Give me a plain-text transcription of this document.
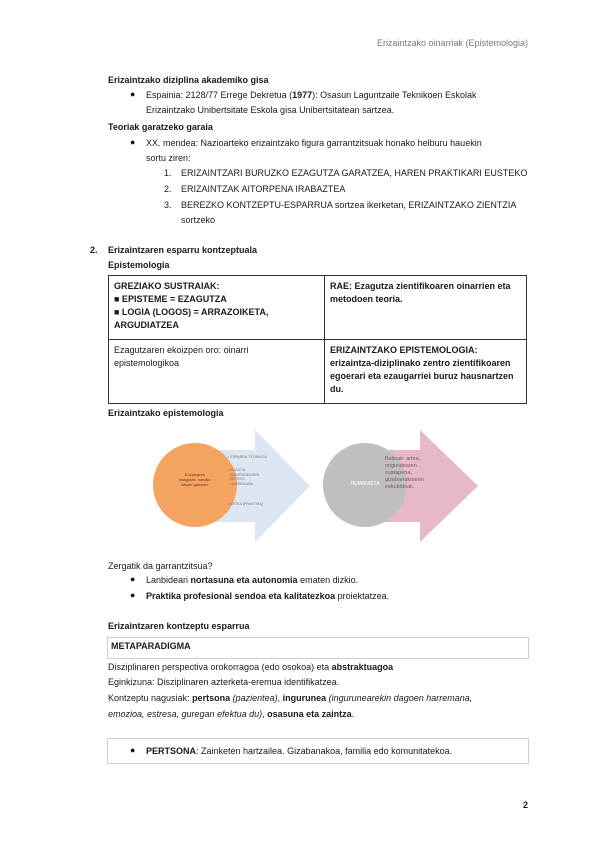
Erizaintzako oinarriak (Epistemologia)
Erizaintzako diziplina akademiko gisa
● Espainia: 2128/77 Errege Dekretua (1977): Osasun Laguntzaile Teknikoen Eskolak
Erizaintzako Unibertsitate Eskola gisa Unibertsitatean sartzea.
Teoriak garatzeko garaia
● XX. mendea: Nazioarteko erizaintzako figura garrantzitsuak honako helburu hauekin
sortu ziren:
1. ERIZAINTZARI BURUZKO EZAGUTZA GARATZEA, HAREN PRAKTIKARI EUSTEKO
2. ERIZAINTZAK AITORPENA IRABAZTEA
3. BEREZKO KONTZEPTU-ESPARRUA sortzea ikerketan, ERIZAINTZAKO ZIENTZIA
sortzeko
2. Erizaintzaren esparru kontzeptuala
Epistemologia
GREZIAKO SUSTRAIAK:
■ EPISTEME = EZAGUTZA
■ LOGIA (LOGOS) = ARRAZOIKETA,
ARGUDIATZEA	RAE: Ezagutza zientifikoaren oinarrien eta
metodoen teoria.
Ezagutzaren ekoizpen oro: oinarri
epistemologikoa	ERIZAINTZAKO EPISTEMOLOGIA:
erizaintza-diziplinako zentro zientifikoaren
egoerari eta ezaugarriei buruz hausnartzen
du.
Erizaintzako epistemologia
Erizainaren
ezagutza, honako
hauen gainean:
• ESPARRU TEORIKOA
• OZA ETA
INGURUNEAREN
ARTEKO
HARREMANA
• ARTEA (PRAKTIKA)
HUMANISTA
Balioak: artea,
ongizatearen
sustapena,
gizabanakoaren
eskubideak.
Zergatik da garrantzitsua?
● Lanbideari nortasuna eta autonomia ematen dizkio.
● Praktika profesional sendoa eta kalitatezkoa proiektatzea.
Erizaintzaren kontzeptu esparrua
METAPARADIGMA
Disziplinaren perspectiva orokorragoa (edo osokoa) eta abstraktuagoa
Eginkizuna: Disziplinaren azterketa-eremua identifikatzea.
Kontzeptu nagusiak: pertsona (pazientea), ingurunea (ingurunearekin dagoen harremana,
emozioa, estresa, guregan efektua du), osasuna eta zaintza.
● PERTSONA: Zainketen hartzailea. Gizabanakoa, familia edo komunitatekoa.
2
